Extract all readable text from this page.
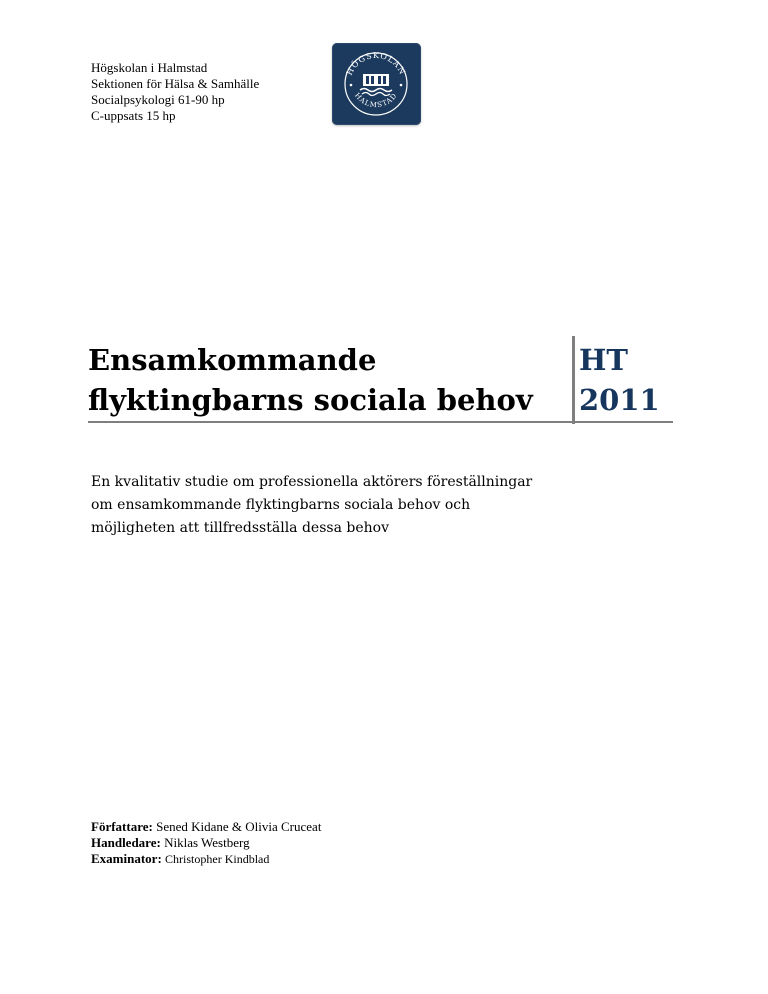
Högskolan i Halmstad
Sektionen för Hälsa & Samhälle
Socialpsykologi 61-90 hp
C-uppsats 15 hp
HÖGSKOLAN
HALMSTAD
Ensamkommande
flyktingbarns sociala behov
HT
2011
En kvalitativ studie om professionella aktörers föreställningar
om ensamkommande flyktingbarns sociala behov och
möjligheten att tillfredsställa dessa behov
Författare: Sened Kidane & Olivia Cruceat
Handledare: Niklas Westberg
Examinator: Christopher Kindblad
